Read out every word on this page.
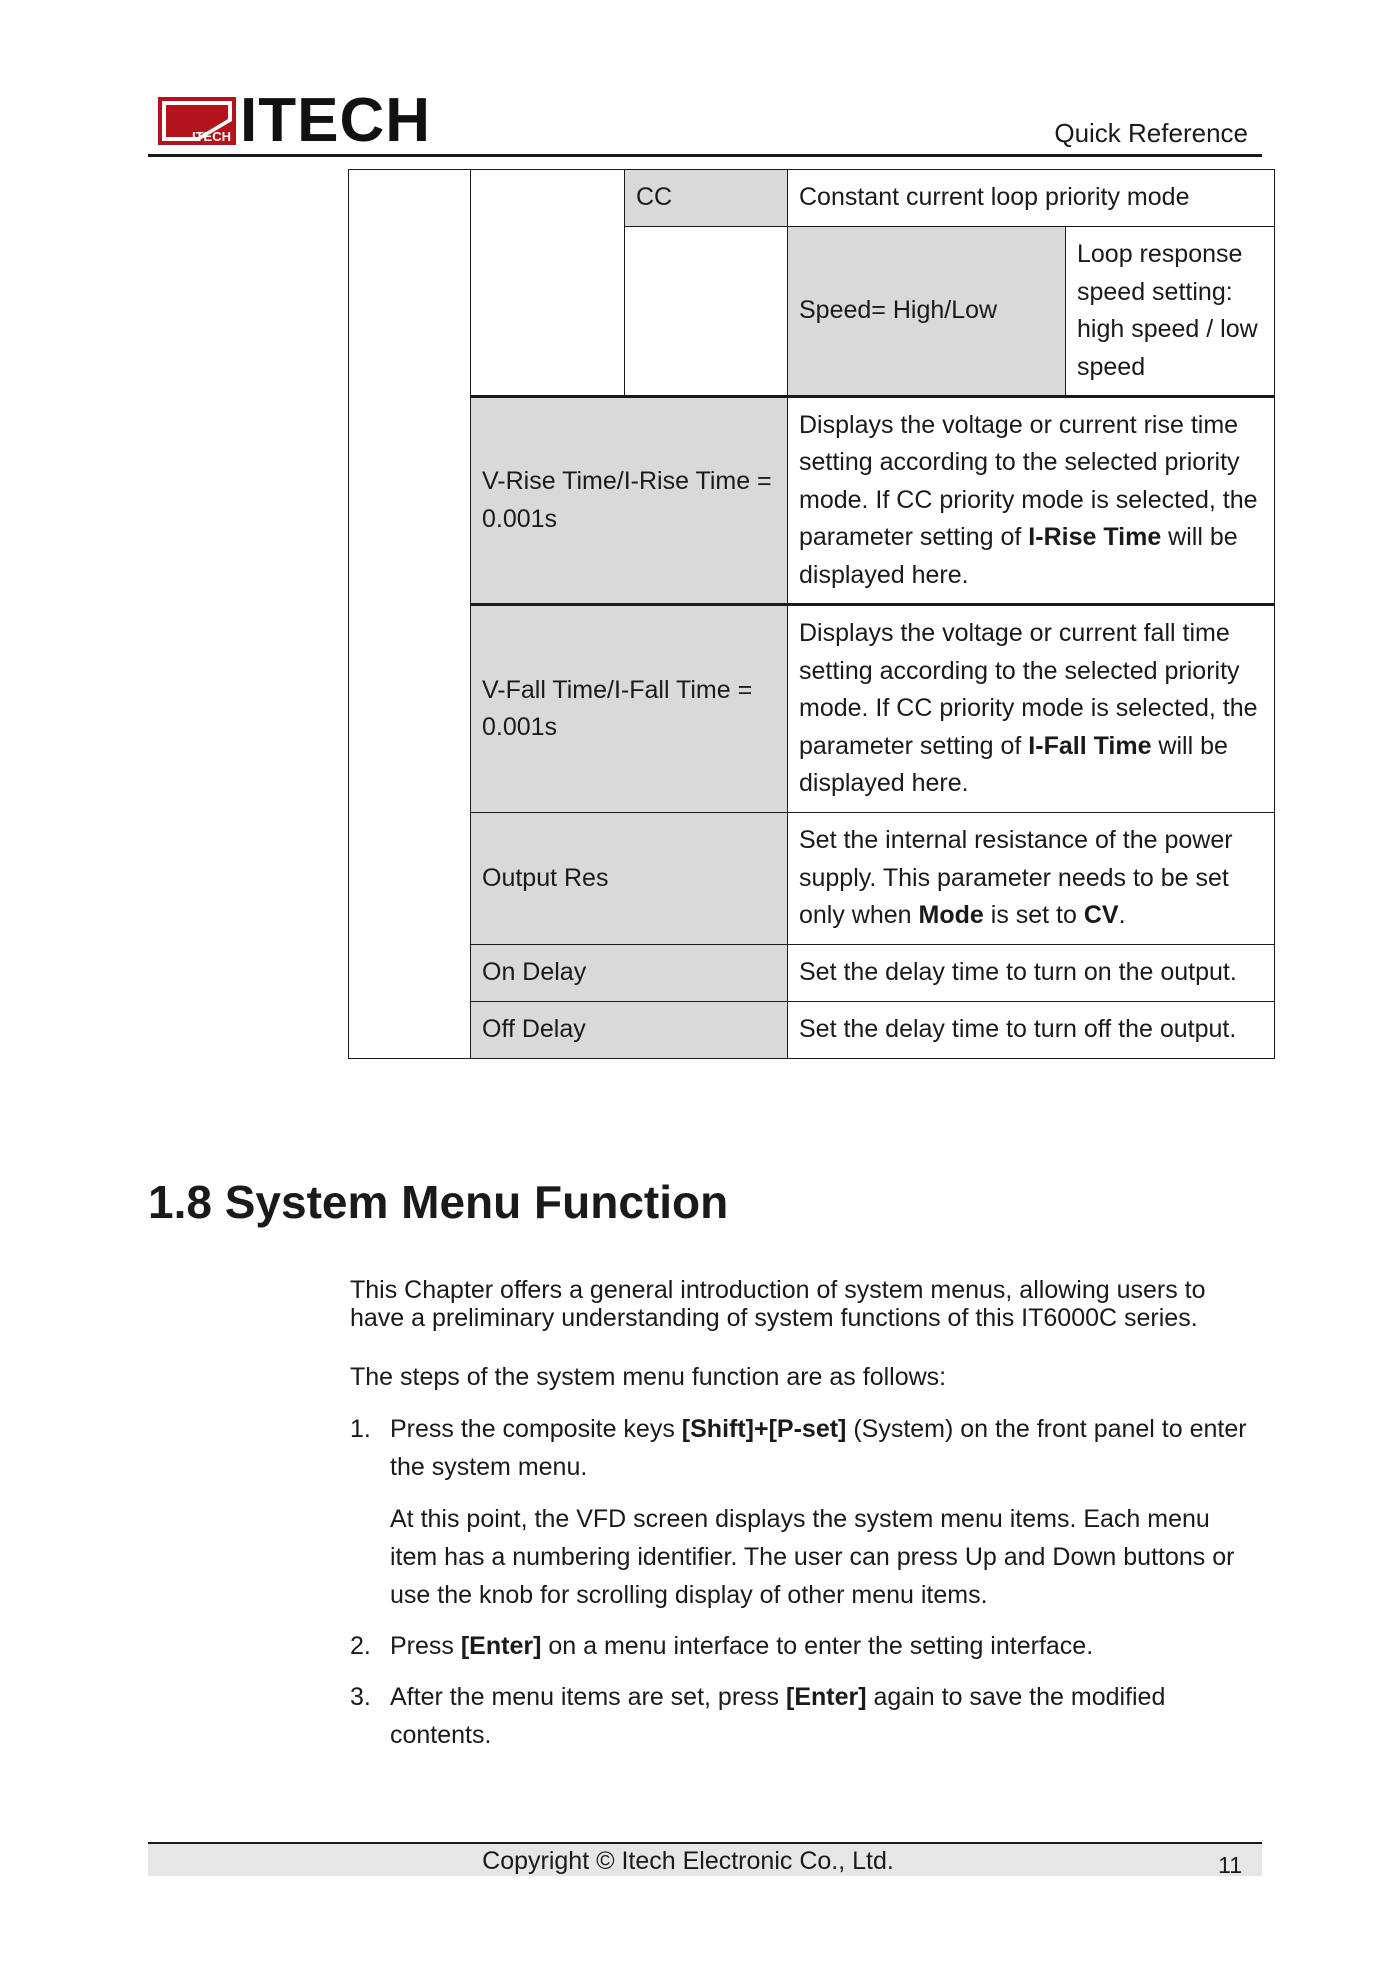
ITECH ITECH	Quick Reference
		CC	Constant current loop priority mode	
			Speed= High/Low	Loop response speed setting: high speed / low speed
	V-Rise Time/I-Rise Time = 0.001s		Displays the voltage or current rise time setting according to the selected priority mode. If CC priority mode is selected, the parameter setting of I-Rise Time will be displayed here.	
	V-Fall Time/I-Fall Time = 0.001s		Displays the voltage or current fall time setting according to the selected priority mode. If CC priority mode is selected, the parameter setting of I-Fall Time will be displayed here.	
	Output Res		Set the internal resistance of the power supply. This parameter needs to be set only when Mode is set to CV.	
	On Delay		Set the delay time to turn on the output.	
	Off Delay		Set the delay time to turn off the output.	
1.8 System Menu Function

This Chapter offers a general introduction of system menus, allowing users to have a preliminary understanding of system functions of this IT6000C series.

The steps of the system menu function are as follows:

1. Press the composite keys [Shift]+[P-set] (System) on the front panel to enter the system menu.
At this point, the VFD screen displays the system menu items. Each menu item has a numbering identifier. The user can press Up and Down buttons or use the knob for scrolling display of other menu items.
2. Press [Enter] on a menu interface to enter the setting interface.
3. After the menu items are set, press [Enter] again to save the modified contents.
Copyright © Itech Electronic Co., Ltd.	11
